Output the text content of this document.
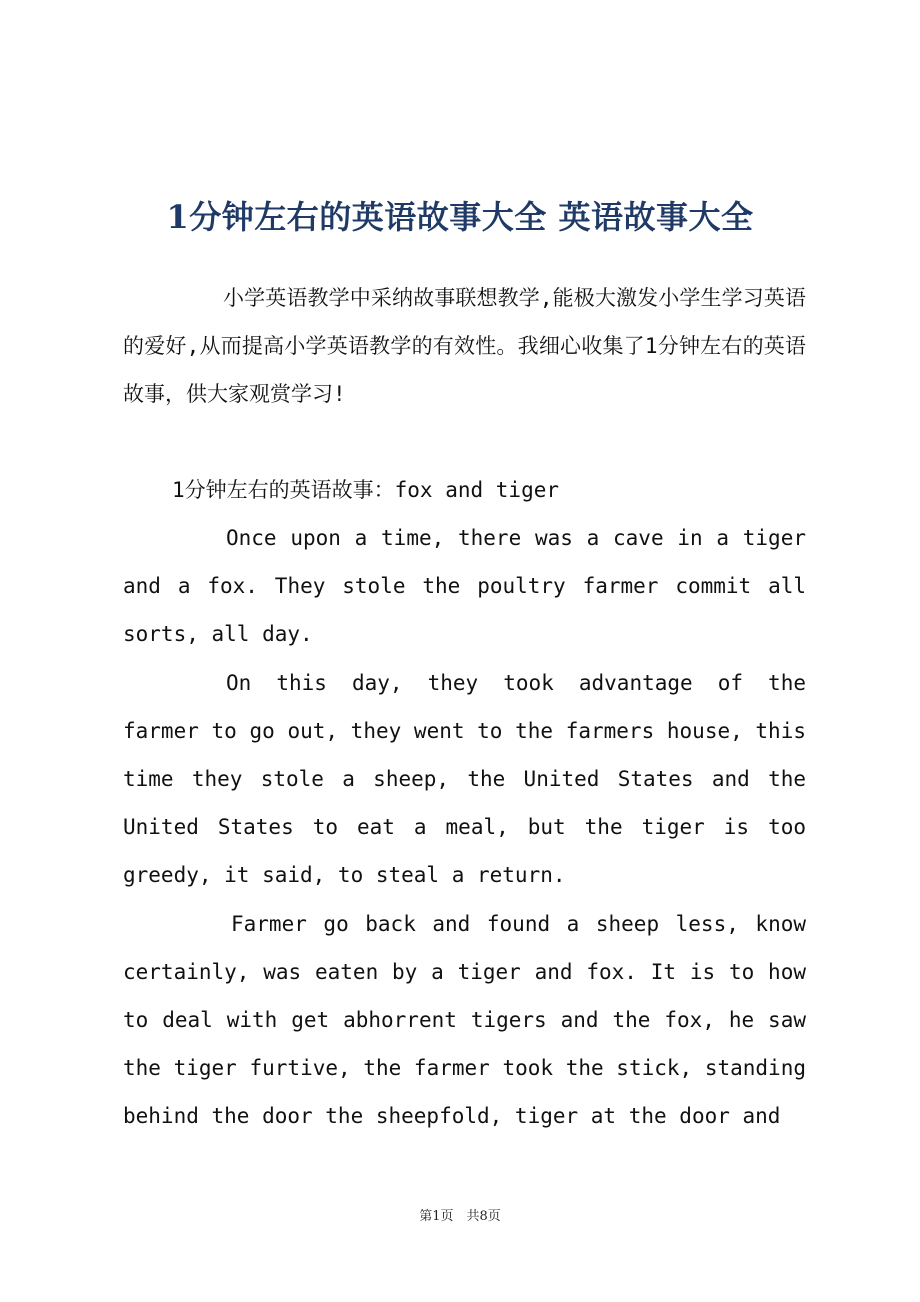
1分钟左右的英语故事大全 英语故事大全
小学英语教学中采纳故事联想教学,能极大激发小学生学习英语的爱好,从而提高小学英语教学的有效性。我细心收集了1分钟左右的英语故事，供大家观赏学习!
1分钟左右的英语故事：fox and tiger

Once upon a time, there was a cave in a tiger and a fox. They stole the poultry farmer commit all sorts, all day.

On this day, they took advantage of the farmer to go out, they went to the farmers house, this time they stole a sheep, the United States and the United States to eat a meal, but the tiger is too greedy, it said, to steal a return.

Farmer go back and found a sheep less, know certainly, was eaten by a tiger and fox. It is to how to deal with get abhorrent tigers and the fox, he saw the tiger furtive, the farmer took the stick, standing behind the door the sheepfold, tiger at the door and

第1页　共8页
